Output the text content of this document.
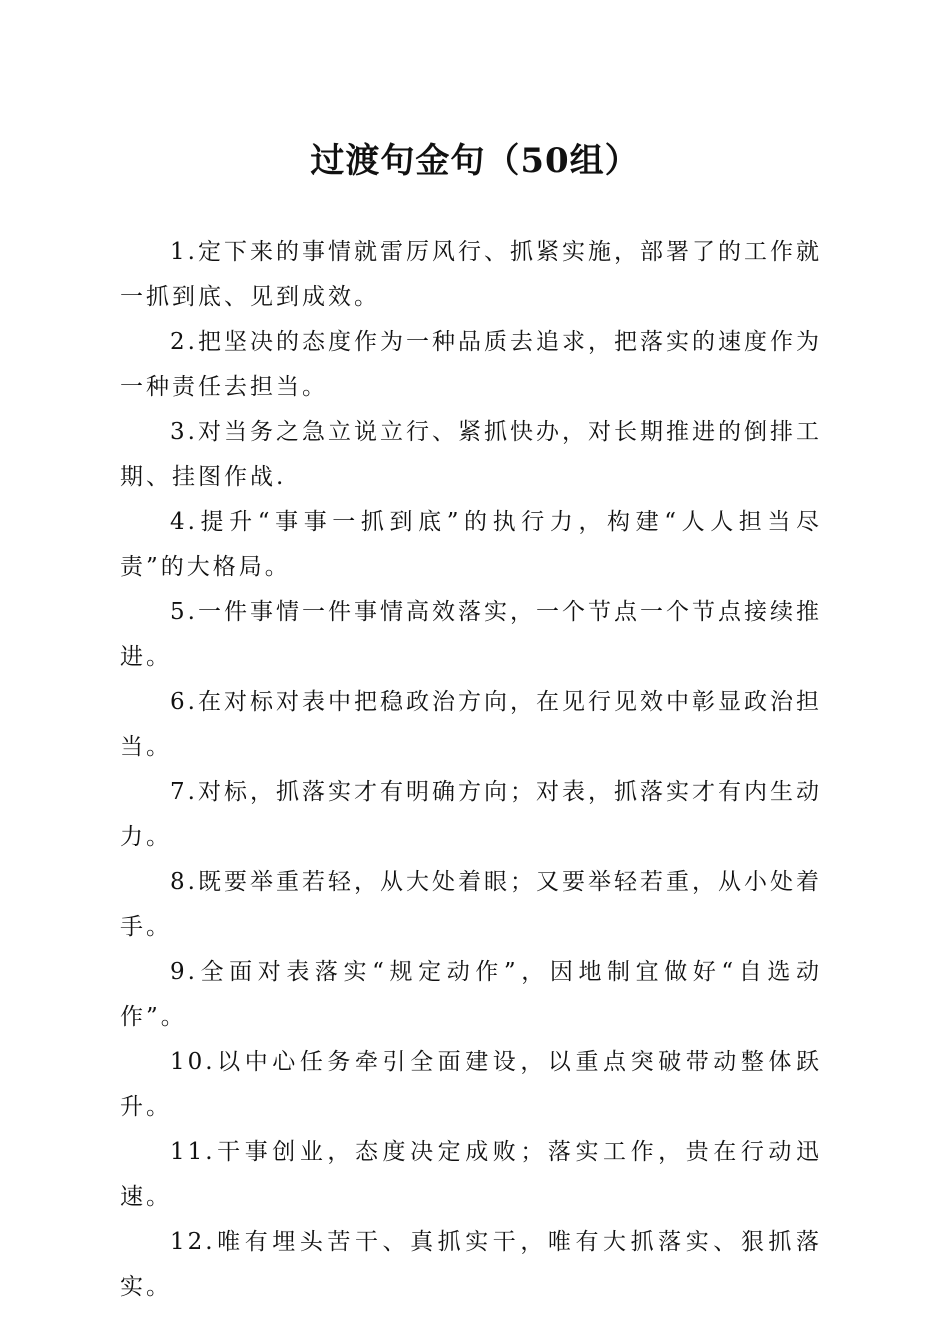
过渡句金句（50组）

1.定下来的事情就雷厉风行、抓紧实施，部署了的工作就一抓到底、见到成效。

2.把坚决的态度作为一种品质去追求，把落实的速度作为一种责任去担当。

3.对当务之急立说立行、紧抓快办，对长期推进的倒排工期、挂图作战.

4.提升“事事一抓到底”的执行力，构建“人人担当尽责”的大格局。

5.一件事情一件事情高效落实，一个节点一个节点接续推进。

6.在对标对表中把稳政治方向，在见行见效中彰显政治担当。

7.对标，抓落实才有明确方向；对表，抓落实才有内生动力。

8.既要举重若轻，从大处着眼；又要举轻若重，从小处着手。

9.全面对表落实“规定动作”，因地制宜做好“自选动作”。

10.以中心任务牵引全面建设，以重点突破带动整体跃升。

11.干事创业，态度决定成败；落实工作，贵在行动迅速。

12.唯有埋头苦干、真抓实干，唯有大抓落实、狠抓落实。
